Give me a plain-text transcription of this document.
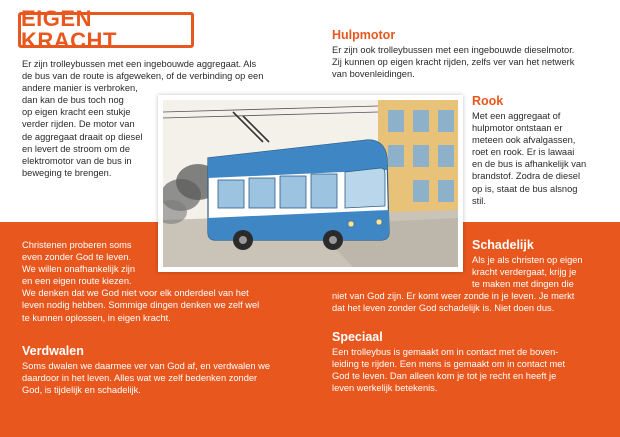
EIGEN KRACHT
Er zijn trolleybussen met een ingebouwde aggregaat. Als
de bus van de route is afgeweken, of de verbinding op een
andere manier is verbroken,
dan kan de bus toch nog
op eigen kracht een stukje
verder rijden. De motor van
de aggregaat draait op diesel
en levert de stroom om de
elektromotor van de bus in
beweging te brengen.
Hulpmotor
Er zijn ook trolleybussen met een ingebouwde dieselmotor.
Zij kunnen op eigen kracht rijden, zelfs ver van het netwerk
van bovenleidingen.
Rook
Met een aggregaat of
hulpmotor ontstaan er
meteen ook afvalgassen,
roet en rook. Er is lawaai
en de bus is afhankelijk van
brandstof. Zodra de diesel
op is, staat de bus alsnog
stil.
Christenen proberen soms
even zonder God te leven.
We willen onafhankelijk zijn
en een eigen route kiezen.
We denken dat we God niet voor elk onderdeel van het
leven nodig hebben. Sommige dingen denken we zelf wel
te kunnen oplossen, in eigen kracht.
Verdwalen
Soms dwalen we daarmee ver van God af, en verdwalen we
daardoor in het leven. Alles wat we zelf bedenken zonder
God, is tijdelijk en schadelijk.
Schadelijk
Als je als christen op eigen
kracht verdergaat, krijg je
te maken met dingen die
niet van God zijn. Er komt weer zonde in je leven. Je merkt
dat het leven zonder God schadelijk is. Niet doen dus.
Speciaal
Een trolleybus is gemaakt om in contact met de boven-
leiding te rijden. Een mens is gemaakt om in contact met
God te leven. Dan alleen kom je tot je recht en heeft je
leven werkelijk betekenis.
